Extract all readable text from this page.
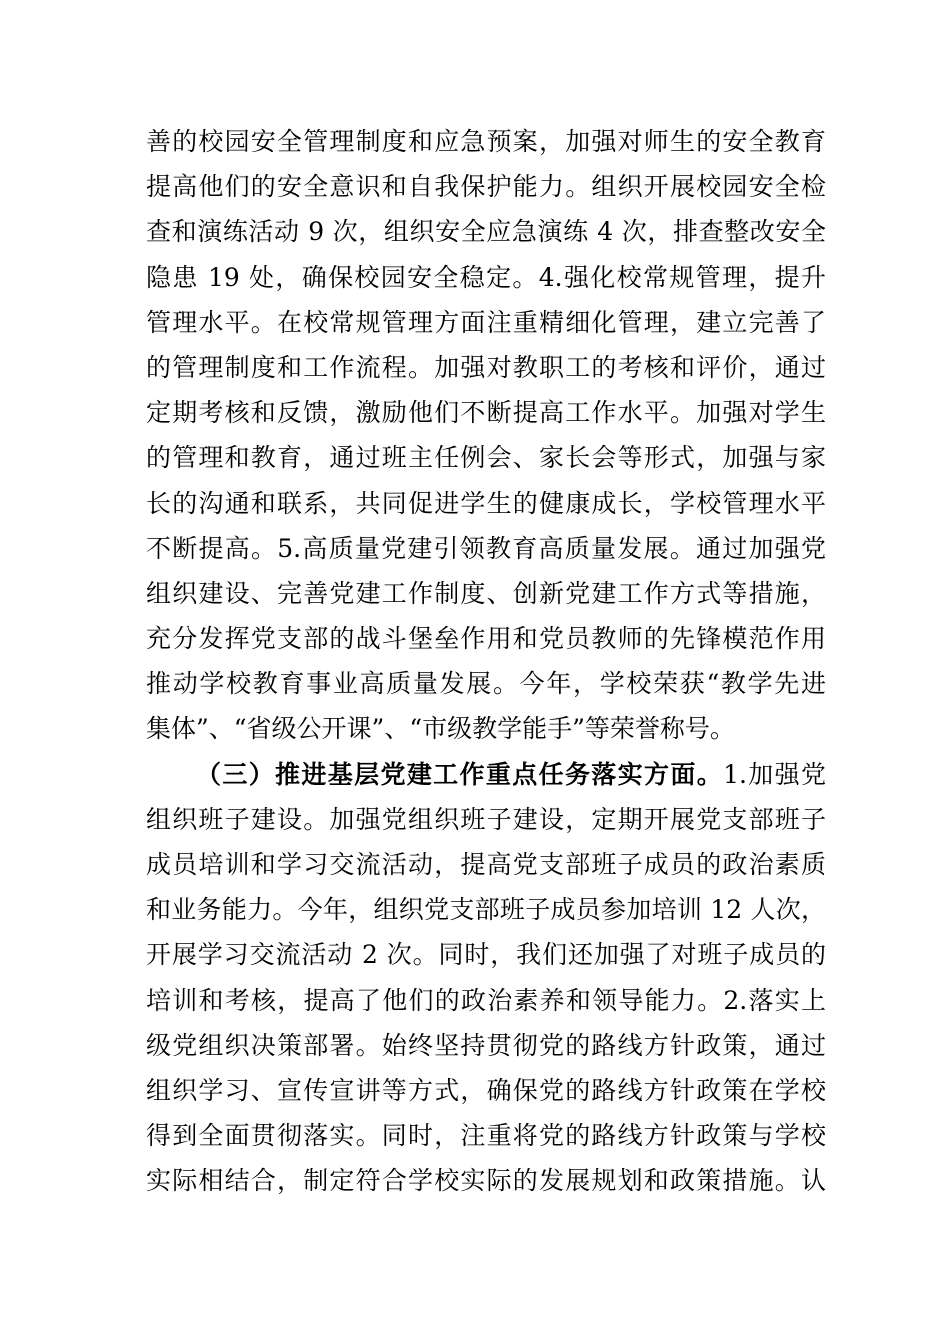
善的校园安全管理制度和应急预案，加强对师生的安全教育
提高他们的安全意识和自我保护能力。组织开展校园安全检
查和演练活动 9 次，组织安全应急演练 4 次，排查整改安全
隐患 19 处，确保校园安全稳定。4.强化校常规管理，提升
管理水平。在校常规管理方面注重精细化管理，建立完善了
的管理制度和工作流程。加强对教职工的考核和评价，通过
定期考核和反馈，激励他们不断提高工作水平。加强对学生
的管理和教育，通过班主任例会、家长会等形式，加强与家
长的沟通和联系，共同促进学生的健康成长，学校管理水平
不断提高。5.高质量党建引领教育高质量发展。通过加强党
组织建设、完善党建工作制度、创新党建工作方式等措施，
充分发挥党支部的战斗堡垒作用和党员教师的先锋模范作用
推动学校教育事业高质量发展。今年，学校荣获“教学先进
集体”、“省级公开课”、“市级教学能手”等荣誉称号。
（三）推进基层党建工作重点任务落实方面。1.加强党
组织班子建设。加强党组织班子建设，定期开展党支部班子
成员培训和学习交流活动，提高党支部班子成员的政治素质
和业务能力。今年，组织党支部班子成员参加培训 12 人次，
开展学习交流活动 2 次。同时，我们还加强了对班子成员的
培训和考核，提高了他们的政治素养和领导能力。2.落实上
级党组织决策部署。始终坚持贯彻党的路线方针政策，通过
组织学习、宣传宣讲等方式，确保党的路线方针政策在学校
得到全面贯彻落实。同时，注重将党的路线方针政策与学校
实际相结合，制定符合学校实际的发展规划和政策措施。认
